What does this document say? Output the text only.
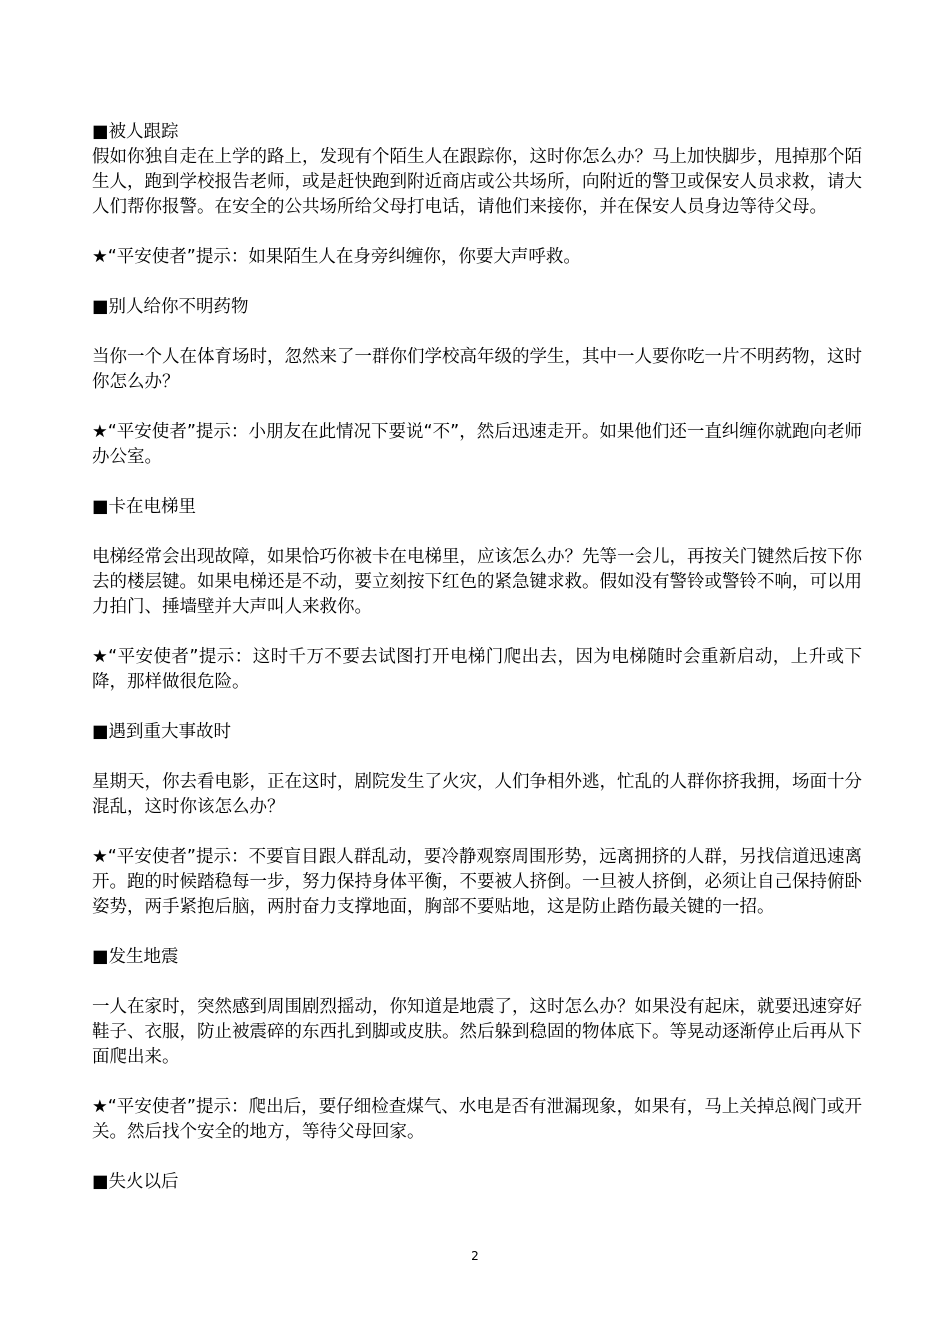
■被人跟踪

假如你独自走在上学的路上，发现有个陌生人在跟踪你，这时你怎么办？马上加快脚步，甩掉那个陌生人，跑到学校报告老师，或是赶快跑到附近商店或公共场所，向附近的警卫或保安人员求救，请大人们帮你报警。在安全的公共场所给父母打电话，请他们来接你，并在保安人员身边等待父母。

★“平安使者”提示：如果陌生人在身旁纠缠你，你要大声呼救。

■别人给你不明药物

当你一个人在体育场时，忽然来了一群你们学校高年级的学生，其中一人要你吃一片不明药物，这时你怎么办？

★“平安使者”提示：小朋友在此情况下要说“不”，然后迅速走开。如果他们还一直纠缠你就跑向老师办公室。

■卡在电梯里

电梯经常会出现故障，如果恰巧你被卡在电梯里，应该怎么办？先等一会儿，再按关门键然后按下你去的楼层键。如果电梯还是不动，要立刻按下红色的紧急键求救。假如没有警铃或警铃不响，可以用力拍门、捶墙壁并大声叫人来救你。

★“平安使者”提示：这时千万不要去试图打开电梯门爬出去，因为电梯随时会重新启动，上升或下降，那样做很危险。

■遇到重大事故时

星期天，你去看电影，正在这时，剧院发生了火灾，人们争相外逃，忙乱的人群你挤我拥，场面十分混乱，这时你该怎么办？

★“平安使者”提示：不要盲目跟人群乱动，要冷静观察周围形势，远离拥挤的人群，另找信道迅速离开。跑的时候踏稳每一步，努力保持身体平衡，不要被人挤倒。一旦被人挤倒，必须让自己保持俯卧姿势，两手紧抱后脑，两肘奋力支撑地面，胸部不要贴地，这是防止踏伤最关键的一招。

■发生地震

一人在家时，突然感到周围剧烈摇动，你知道是地震了，这时怎么办？如果没有起床，就要迅速穿好鞋子、衣服，防止被震碎的东西扎到脚或皮肤。然后躲到稳固的物体底下。等晃动逐渐停止后再从下面爬出来。

★“平安使者”提示：爬出后，要仔细检查煤气、水电是否有泄漏现象，如果有，马上关掉总阀门或开关。然后找个安全的地方，等待父母回家。

■失火以后

2
